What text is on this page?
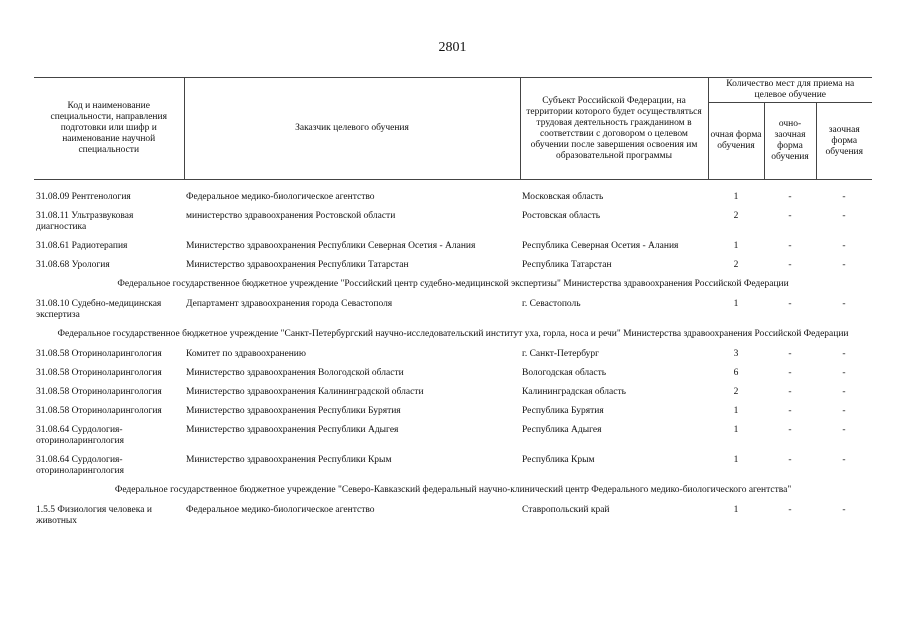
2801
Код и наименование специальности, направления подготовки или шифр и наименование научной специальности	Заказчик целевого обучения	Субъект Российской Федерации, на территории которого будет осуществляться трудовая деятельность гражданином в соответствии с договором о целевом обучении после завершения освоения им образовательной программы	Количество мест для приема на целевое обучение		
			очная форма обучения	очно-заочная форма обучения	заочная форма обучения

31.08.09 Рентгенология	Федеральное медико-биологическое агентство	Московская область	1	-	-
31.08.11 Ультразвуковая диагностика	министерство здравоохранения Ростовской области	Ростовская область	2	-	-
31.08.61 Радиотерапия	Министерство здравоохранения Республики Северная Осетия - Алания	Республика Северная Осетия - Алания	1	-	-
31.08.68 Урология	Министерство здравоохранения Республики Татарстан	Республика Татарстан	2	-	-
Федеральное государственное бюджетное учреждение "Российский центр судебно-медицинской экспертизы" Министерства здравоохранения Российской Федерации					
31.08.10 Судебно-медицинская экспертиза	Департамент здравоохранения города Севастополя	г. Севастополь	1	-	-
Федеральное государственное бюджетное учреждение "Санкт-Петербургский научно-исследовательский институт уха, горла, носа и речи" Министерства здравоохранения Российской Федерации					
31.08.58 Оториноларингология	Комитет по здравоохранению	г. Санкт-Петербург	3	-	-
31.08.58 Оториноларингология	Министерство здравоохранения Вологодской области	Вологодская область	6	-	-
31.08.58 Оториноларингология	Министерство здравоохранения Калининградской области	Калининградская область	2	-	-
31.08.58 Оториноларингология	Министерство здравоохранения Республики Бурятия	Республика Бурятия	1	-	-
31.08.64 Сурдология-оториноларингология	Министерство здравоохранения Республики Адыгея	Республика Адыгея	1	-	-
31.08.64 Сурдология-оториноларингология	Министерство здравоохранения Республики Крым	Республика Крым	1	-	-
Федеральное государственное бюджетное учреждение "Северо-Кавказский федеральный научно-клинический центр Федерального медико-биологического агентства"					
1.5.5 Физиология человека и животных	Федеральное медико-биологическое агентство	Ставропольский край	1	-	-
